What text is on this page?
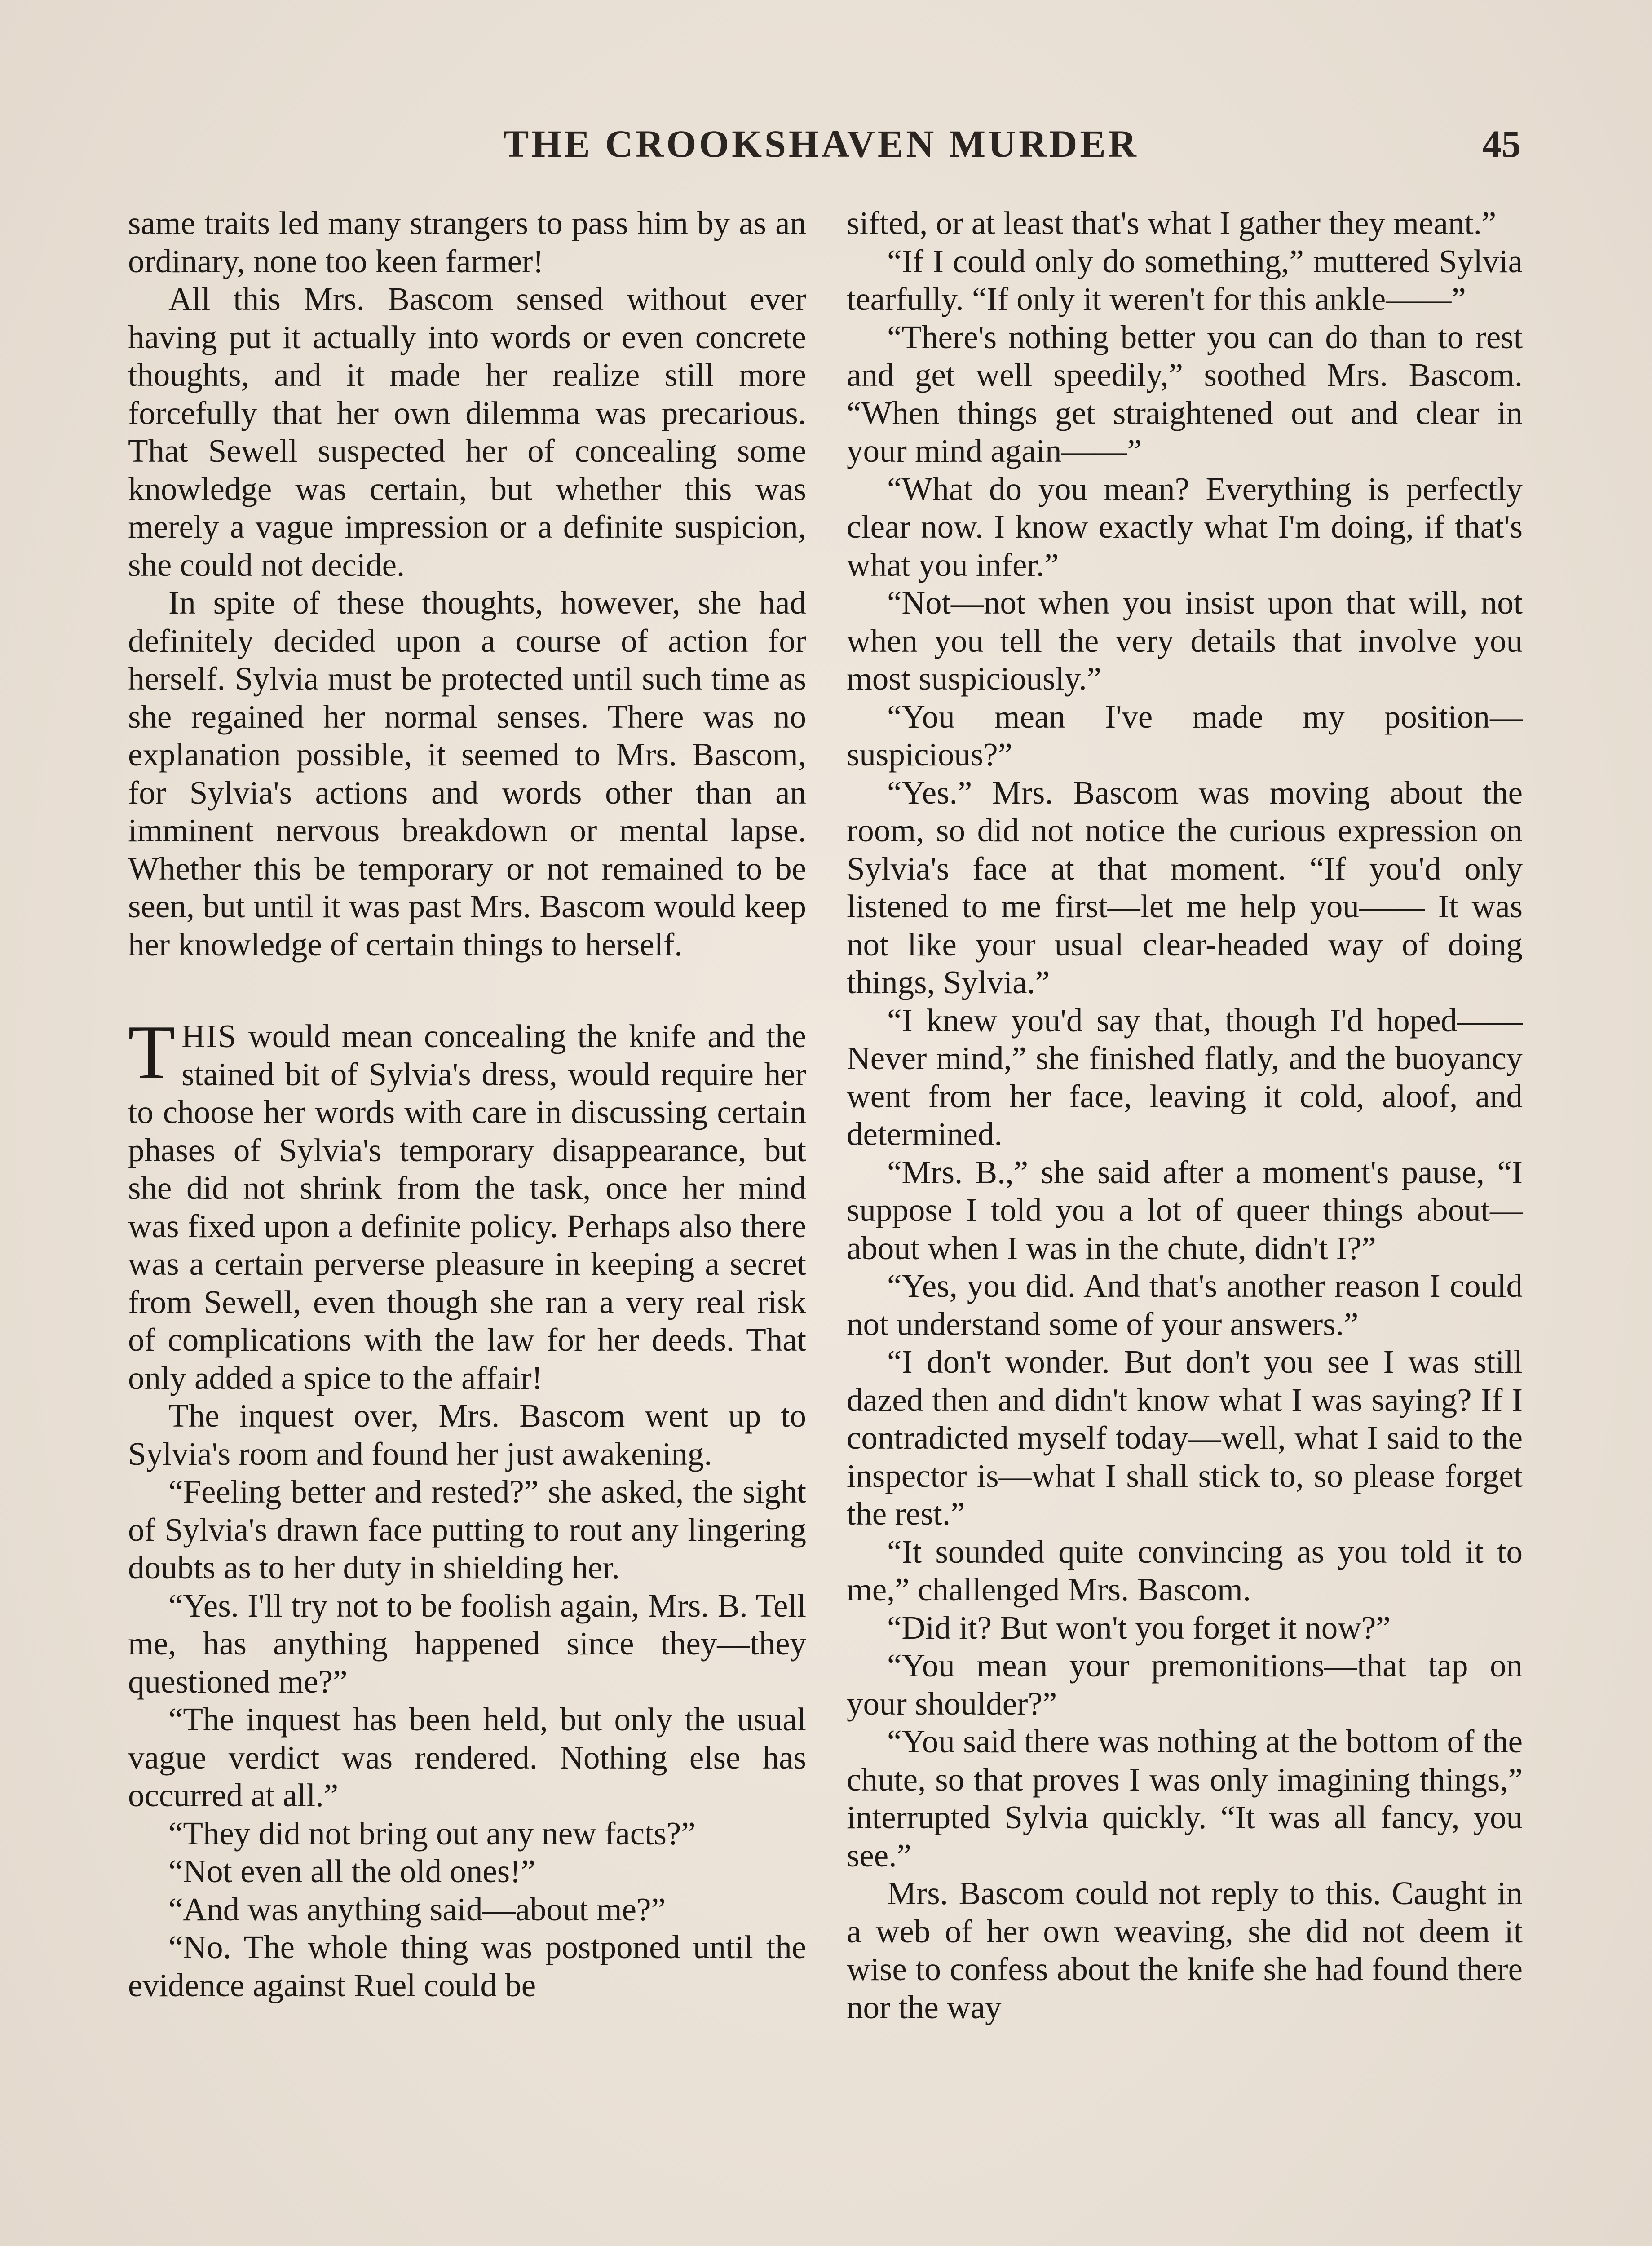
THE CROOKSHAVEN MURDER	45

same traits led many strangers to pass him by as an ordinary, none too keen farmer!

All this Mrs. Bascom sensed without ever having put it actually into words or even concrete thoughts, and it made her realize still more forcefully that her own dilemma was precarious. That Sewell suspected her of concealing some knowledge was certain, but whether this was merely a vague impression or a definite suspicion, she could not decide.

In spite of these thoughts, however, she had definitely decided upon a course of action for herself. Sylvia must be protected until such time as she regained her normal senses. There was no explanation possible, it seemed to Mrs. Bascom, for Sylvia's actions and words other than an imminent nervous breakdown or mental lapse. Whether this be temporary or not remained to be seen, but until it was past Mrs. Bascom would keep her knowledge of certain things to herself.

THIS would mean concealing the knife and the stained bit of Sylvia's dress, would require her to choose her words with care in discussing certain phases of Sylvia's temporary disappearance, but she did not shrink from the task, once her mind was fixed upon a definite policy. Perhaps also there was a certain perverse pleasure in keeping a secret from Sewell, even though she ran a very real risk of complications with the law for her deeds. That only added a spice to the affair!

The inquest over, Mrs. Bascom went up to Sylvia's room and found her just awakening.

“Feeling better and rested?” she asked, the sight of Sylvia's drawn face putting to rout any lingering doubts as to her duty in shielding her.

“Yes. I'll try not to be foolish again, Mrs. B. Tell me, has anything happened since they—they questioned me?”

“The inquest has been held, but only the usual vague verdict was rendered. Nothing else has occurred at all.”

“They did not bring out any new facts?”

“Not even all the old ones!”

“And was anything said—about me?”

“No. The whole thing was postponed until the evidence against Ruel could be

sifted, or at least that's what I gather they meant.”

“If I could only do something,” muttered Sylvia tearfully. “If only it weren't for this ankle——”

“There's nothing better you can do than to rest and get well speedily,” soothed Mrs. Bascom. “When things get straightened out and clear in your mind again——”

“What do you mean? Everything is perfectly clear now. I know exactly what I'm doing, if that's what you infer.”

“Not—not when you insist upon that will, not when you tell the very details that involve you most suspiciously.”

“You mean I've made my position—suspicious?”

“Yes.” Mrs. Bascom was moving about the room, so did not notice the curious expression on Sylvia's face at that moment. “If you'd only listened to me first—let me help you—— It was not like your usual clear-headed way of doing things, Sylvia.”

“I knew you'd say that, though I'd hoped—— Never mind,” she finished flatly, and the buoyancy went from her face, leaving it cold, aloof, and determined.

“Mrs. B.,” she said after a moment's pause, “I suppose I told you a lot of queer things about—about when I was in the chute, didn't I?”

“Yes, you did. And that's another reason I could not understand some of your answers.”

“I don't wonder. But don't you see I was still dazed then and didn't know what I was saying? If I contradicted myself today—well, what I said to the inspector is—what I shall stick to, so please forget the rest.”

“It sounded quite convincing as you told it to me,” challenged Mrs. Bascom.

“Did it? But won't you forget it now?”

“You mean your premonitions—that tap on your shoulder?”

“You said there was nothing at the bottom of the chute, so that proves I was only imagining things,” interrupted Sylvia quickly. “It was all fancy, you see.”

Mrs. Bascom could not reply to this. Caught in a web of her own weaving, she did not deem it wise to confess about the knife she had found there nor the way
